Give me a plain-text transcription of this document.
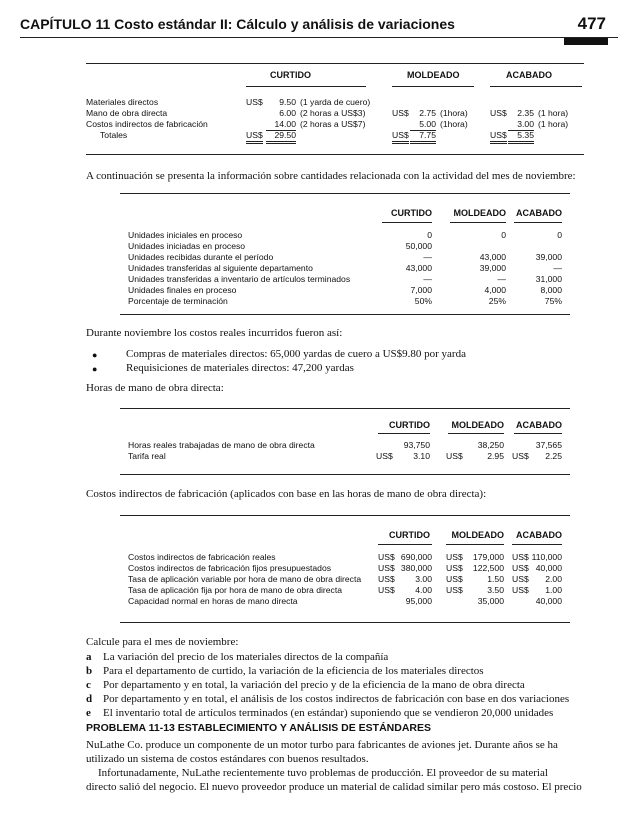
CAPÍTULO 11 Costo estándar II: Cálculo y análisis de variaciones	477
CURTIDO	MOLDEADO	ACABADO
Materiales directos	US$	9.50 (1 yarda de cuero)
Mano de obra directa	6.00 (2 horas a US$3)	US$	2.75 (1hora)	US$	2.35 (1 hora)
Costos indirectos de fabricación	14.00 (2 horas a US$7)	5.00 (1hora)	3.00 (1 hora)
Totales	US$	29.50	US$	7.75	US$	5.35
A continuación se presenta la información sobre cantidades relacionada con la actividad del mes de noviembre:
CURTIDO	MOLDEADO ACABADO
Unidades iniciales en proceso	0	0	0
Unidades iniciadas en proceso	50,000
Unidades recibidas durante el período	—	43,000	39,000
Unidades transferidas al siguiente departamento	43,000	39,000	—
Unidades transferidas a inventario de artículos terminados	—	—	31,000
Unidades finales en proceso	7,000	4,000	8,000
Porcentaje de terminación	50%	25%	75%
Durante noviembre los costos reales incurridos fueron así:
●	Compras de materiales directos: 65,000 yardas de cuero a US$9.80 por yarda
●	Requisiciones de materiales directos: 47,200 yardas
Horas de mano de obra directa:
CURTIDO	MOLDEADO ACABADO
Horas reales trabajadas de mano de obra directa	93,750	38,250	37,565
Tarifa real	US$	3.10 US$	2.95 US$	2.25
Costos indirectos de fabricación (aplicados con base en las horas de mano de obra directa):
CURTIDO	MOLDEADO	ACABADO
Costos indirectos de fabricación reales	US$ 690,000 US$	179,000 US$ 110,000
Costos indirectos de fabricación fijos presupuestados	US$ 380,000 US$	122,500 US$ 40,000
Tasa de aplicación variable por hora de mano de obra directa US$	3.00 US$	1.50 US$	2.00
Tasa de aplicación fija por hora de mano de obra directa	US$	4.00 US$	3.50 US$	1.00
Capacidad normal en horas de mano directa	95,000	35,000	40,000
Calcule para el mes de noviembre:
a La variación del precio de los materiales directos de la compañía
b Para el departamento de curtido, la variación de la eficiencia de los materiales directos
c Por departamento y en total, la variación del precio y de la eficiencia de la mano de obra directa
d Por departamento y en total, el análisis de los costos indirectos de fabricación con base en dos variaciones
e El inventario total de artículos terminados (en estándar) suponiendo que se vendieron 20,000 unidades
PROBLEMA 11-13 ESTABLECIMIENTO Y ANÁLISIS DE ESTÁNDARES
NuLathe Co. produce un componente de un motor turbo para fabricantes de aviones jet. Durante años se ha
utilizado un sistema de costos estándares con buenos resultados.
Infortunadamente, NuLathe recientemente tuvo problemas de producción. El proveedor de su material
directo salió del negocio. El nuevo proveedor produce un material de calidad similar pero más costoso. El precio
